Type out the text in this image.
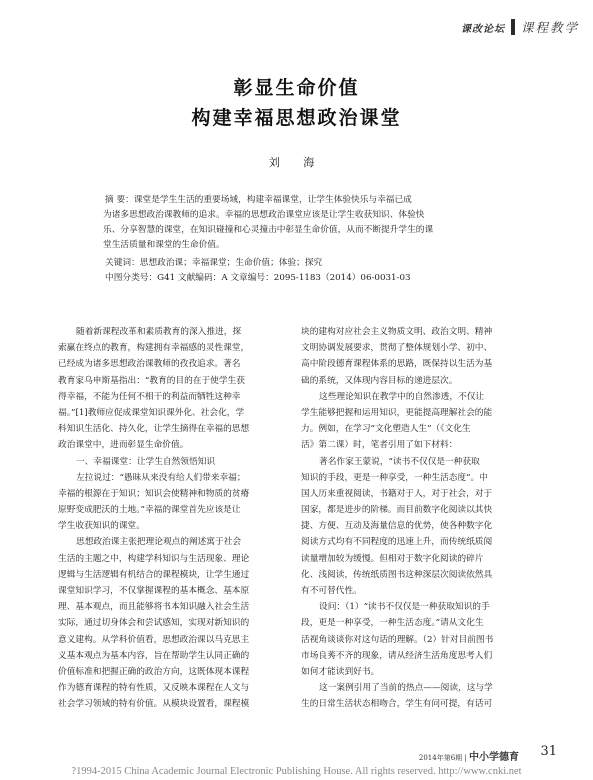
课改论坛 课程教学
彰显生命价值
构建幸福思想政治课堂
刘 海
摘 要：课堂是学生生活的重要场域，构建幸福课堂，让学生体验快乐与幸福已成
为诸多思想政治课教师的追求。幸福的思想政治课堂应该是让学生收获知识、体验快
乐、分享智慧的课堂，在知识碰撞和心灵撞击中彰显生命价值，从而不断提升学生的课
堂生活质量和课堂的生命价值。
关键词：思想政治课；幸福课堂；生命价值；体验；探究
中图分类号：G41 文献编码：A 文章编号：2095-1183（2014）06-0031-03
随着新课程改革和素质教育的深入推进，探
索赢在终点的教育，构建拥有幸福感的灵性课堂，
已经成为诸多思想政治课教师的孜孜追求。著名
教育家乌申斯基指出：“教育的目的在于使学生获
得幸福，不能为任何不相干的利益而牺牲这种幸
福。”[1]教师应促成课堂知识课外化、社会化，学
科知识生活化、持久化，让学生摘得在幸福的思想
政治课堂中，进而彰显生命价值。
一、幸福课堂：让学生自然领悟知识
左拉说过：“愚昧从来没有给人们带来幸福；
幸福的根源在于知识；知识会使精神和物质的贫瘠
原野变成肥沃的土地。”幸福的课堂首先应该是让
学生收获知识的课堂。
思想政治课主张把理论观点的阐述寓于社会
生活的主题之中，构建学科知识与生活现象、理论
逻辑与生活逻辑有机结合的课程模块，让学生通过
课堂知识学习，不仅掌握课程的基本概念、基本原
理、基本观点，而且能够将书本知识融入社会生活
实际，通过切身体会和尝试感知，实现对新知识的
意义建构。从学科价值看，思想政治课以马克思主
义基本观点为基本内容，旨在帮助学生认同正确的
价值标准和把握正确的政治方向，这既体现本课程
作为德育课程的特有性质，又反映本课程在人文与
社会学习领域的特有价值。从模块设置看，课程模
块的建构对应社会主义物质文明、政治文明、精神
文明协调发展要求，贯彻了整体规划小学、初中、
高中阶段德育课程体系的思路，既保持以生活为基
础的系统，又体现内容目标的递进层次。
这些理论知识在教学中的自然渗透，不仅让
学生能够把握和运用知识，更能提高理解社会的能
力。例如，在学习“文化塑造人生”（《文化生
活》第二课）时，笔者引用了如下材料：
著名作家王蒙说，“读书不仅仅是一种获取
知识的手段，更是一种享受，一种生活态度”。中
国人历来重视阅读，书籍对于人，对于社会，对于
国家，都是进步的阶梯。而目前数字化阅读以其快
捷、方便、互动及海量信息的优势，使各种数字化
阅读方式均有不同程度的迅速上升，而传统纸质阅
读量增加较为缓慢。但相对于数字化阅读的碎片
化、浅阅读，传统纸质图书这种深层次阅读依然具
有不可替代性。
设问：（1）“读书不仅仅是一种获取知识的手
段，更是一种享受，一种生活态度。”请从文化生
活视角谈谈你对这句话的理解。（2）针对目前图书
市场良莠不齐的现象，请从经济生活角度思考人们
如何才能读到好书。
这一案例引用了当前的热点——阅读，这与学
生的日常生活状态相吻合，学生有问可提，有话可
2014年第6期 | 中小学德育 31
?1994-2015 China Academic Journal Electronic Publishing House. All rights reserved. http://www.cnki.net
